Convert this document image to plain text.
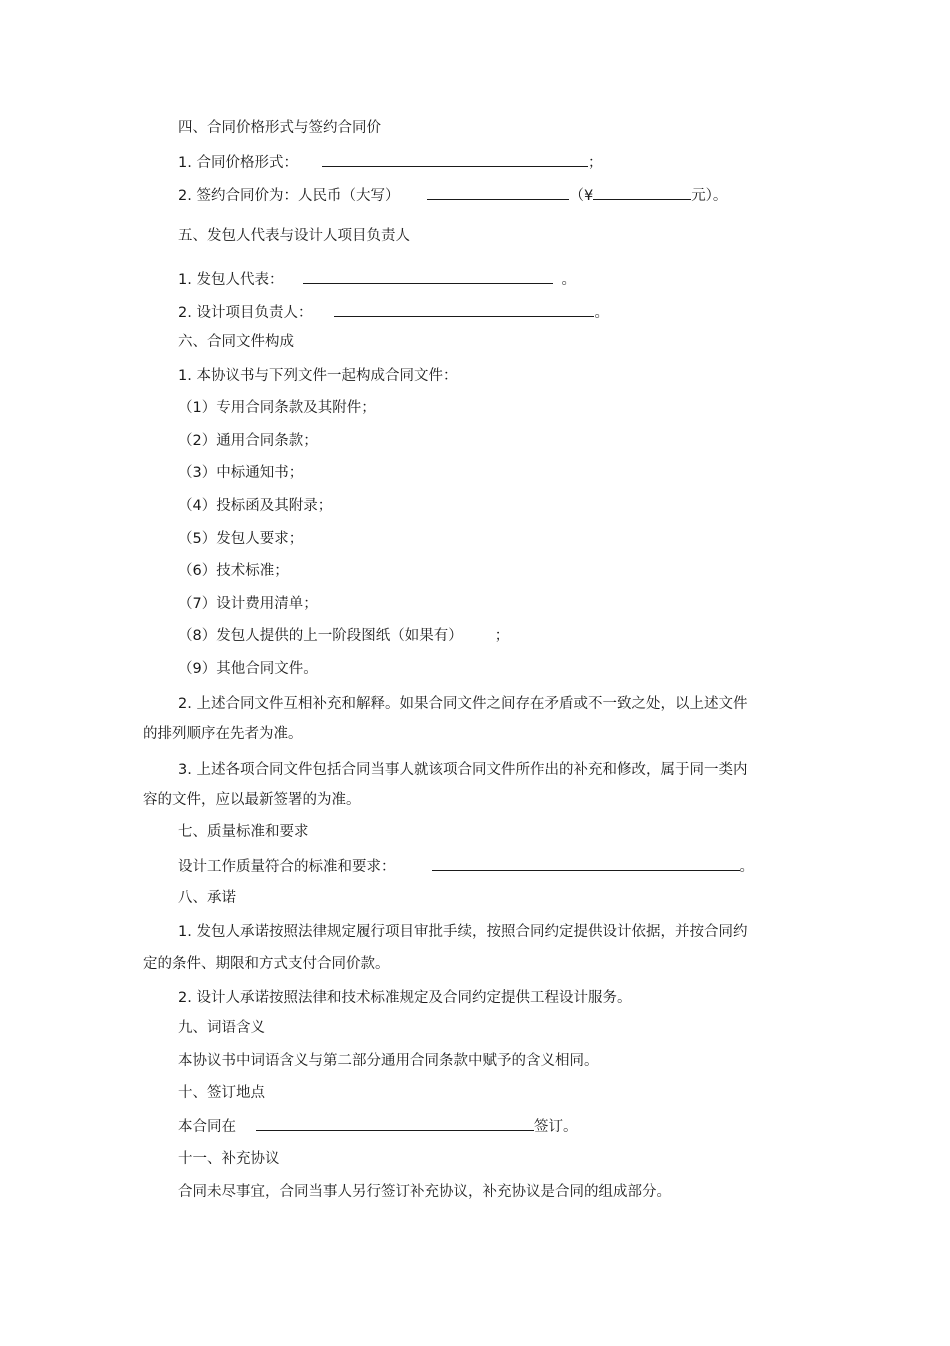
四、合同价格形式与签约合同价
1. 合同价格形式：	；
2. 签约合同价为：人民币（大写）	（¥	元）。
五、发包人代表与设计人项目负责人
1. 发包人代表：	。
2. 设计项目负责人：	。
六、合同文件构成
1. 本协议书与下列文件一起构成合同文件：
（1）专用合同条款及其附件；
（2）通用合同条款；
（3）中标通知书；
（4）投标函及其附录；
（5）发包人要求；
（6）技术标准；
（7）设计费用清单；
（8）发包人提供的上一阶段图纸（如果有） ；
（9）其他合同文件。
2. 上述合同文件互相补充和解释。如果合同文件之间存在矛盾或不一致之处，以上述文件
的排列顺序在先者为准。
3. 上述各项合同文件包括合同当事人就该项合同文件所作出的补充和修改，属于同一类内
容的文件，应以最新签署的为准。
七、质量标准和要求
设计工作质量符合的标准和要求：	。
八、承诺
1. 发包人承诺按照法律规定履行项目审批手续，按照合同约定提供设计依据，并按合同约
定的条件、期限和方式支付合同价款。
2. 设计人承诺按照法律和技术标准规定及合同约定提供工程设计服务。
九、词语含义
本协议书中词语含义与第二部分通用合同条款中赋予的含义相同。
十、签订地点
本合同在	签订。
十一、补充协议
合同未尽事宜，合同当事人另行签订补充协议，补充协议是合同的组成部分。
